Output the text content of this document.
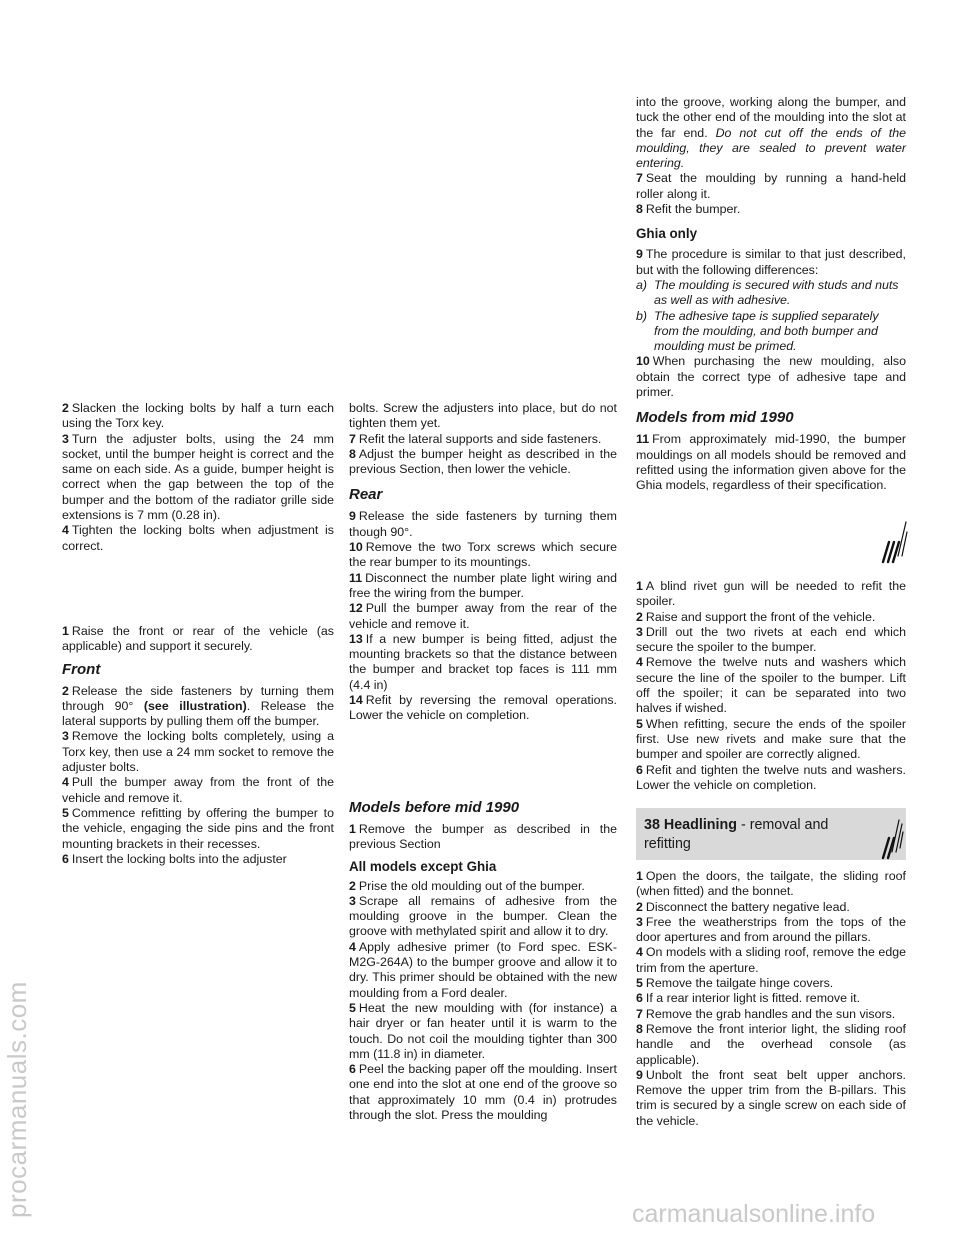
procarmanuals.com	carmanualsonline.info

2 Slacken the locking bolts by half a turn each using the Torx key.

3 Turn the adjuster bolts, using the 24 mm socket, until the bumper height is correct and the same on each side. As a guide, bumper height is correct when the gap between the top of the bumper and the bottom of the radiator grille side extensions is 7 mm (0.28 in).

4 Tighten the locking bolts when adjustment is correct.

1 Raise the front or rear of the vehicle (as applicable) and support it securely.

Front

2 Release the side fasteners by turning them through 90° (see illustration). Release the lateral supports by pulling them off the bumper.

3 Remove the locking bolts completely, using a Torx key, then use a 24 mm socket to remove the adjuster bolts.

4 Pull the bumper away from the front of the vehicle and remove it.

5 Commence refitting by offering the bumper to the vehicle, engaging the side pins and the front mounting brackets in their recesses.

6 Insert the locking bolts into the adjuster

bolts. Screw the adjusters into place, but do not tighten them yet.

7 Refit the lateral supports and side fasteners.

8 Adjust the bumper height as described in the previous Section, then lower the vehicle.

Rear

9 Release the side fasteners by turning them though 90°.

10 Remove the two Torx screws which secure the rear bumper to its mountings.

11 Disconnect the number plate light wiring and free the wiring from the bumper.

12 Pull the bumper away from the rear of the vehicle and remove it.

13 If a new bumper is being fitted, adjust the mounting brackets so that the distance between the bumper and bracket top faces is 111 mm (4.4 in)

14 Refit by reversing the removal operations. Lower the vehicle on completion.

Models before mid 1990

1 Remove the bumper as described in the previous Section

All models except Ghia

2 Prise the old moulding out of the bumper.

3 Scrape all remains of adhesive from the moulding groove in the bumper. Clean the groove with methylated spirit and allow it to dry.

4 Apply adhesive primer (to Ford spec. ESK-M2G-264A) to the bumper groove and allow it to dry. This primer should be obtained with the new moulding from a Ford dealer.

5 Heat the new moulding with (for instance) a hair dryer or fan heater until it is warm to the touch. Do not coil the moulding tighter than 300 mm (11.8 in) in diameter.

6 Peel the backing paper off the moulding. Insert one end into the slot at one end of the groove so that approximately 10 mm (0.4 in) protrudes through the slot. Press the moulding

into the groove, working along the bumper, and tuck the other end of the moulding into the slot at the far end. Do not cut off the ends of the moulding, they are sealed to prevent water entering.

7 Seat the moulding by running a hand-held roller along it.

8 Refit the bumper.

Ghia only

9 The procedure is similar to that just described, but with the following differences:

a) The moulding is secured with studs and nuts as well as with adhesive.

b) The adhesive tape is supplied separately from the moulding, and both bumper and moulding must be primed.

10 When purchasing the new moulding, also obtain the correct type of adhesive tape and primer.

Models from mid 1990

11 From approximately mid-1990, the bumper mouldings on all models should be removed and refitted using the information given above for the Ghia models, regardless of their specification.

1 A blind rivet gun will be needed to refit the spoiler.

2 Raise and support the front of the vehicle.

3 Drill out the two rivets at each end which secure the spoiler to the bumper.

4 Remove the twelve nuts and washers which secure the line of the spoiler to the bumper. Lift off the spoiler; it can be separated into two halves if wished.

5 When refitting, secure the ends of the spoiler first. Use new rivets and make sure that the bumper and spoiler are correctly aligned.

6 Refit and tighten the twelve nuts and washers. Lower the vehicle on completion.

38 Headlining - removal and refitting

1 Open the doors, the tailgate, the sliding roof (when fitted) and the bonnet.

2 Disconnect the battery negative lead.

3 Free the weatherstrips from the tops of the door apertures and from around the pillars.

4 On models with a sliding roof, remove the edge trim from the aperture.

5 Remove the tailgate hinge covers.

6 If a rear interior light is fitted. remove it.

7 Remove the grab handles and the sun visors.

8 Remove the front interior light, the sliding roof handle and the overhead console (as applicable).

9 Unbolt the front seat belt upper anchors. Remove the upper trim from the B-pillars. This trim is secured by a single screw on each side of the vehicle.
